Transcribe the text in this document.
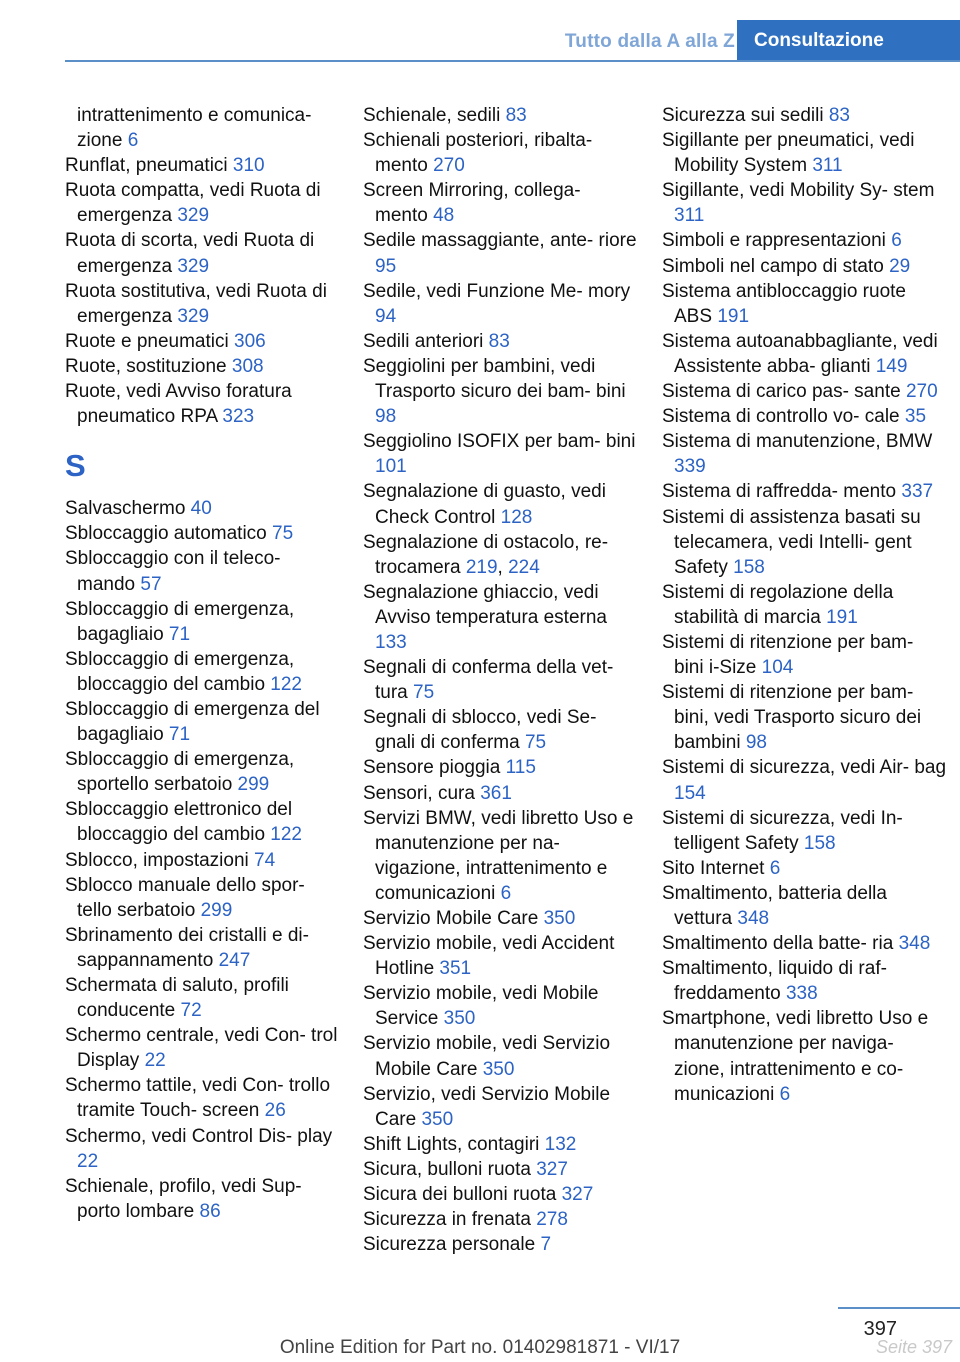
Tutto dalla A alla Z	Consultazione
intrattenimento e comunica- zione 6
Runflat, pneumatici 310
Ruota compatta, vedi Ruota di emergenza 329
Ruota di scorta, vedi Ruota di emergenza 329
Ruota sostitutiva, vedi Ruota di emergenza 329
Ruote e pneumatici 306
Ruote, sostituzione 308
Ruote, vedi Avviso foratura pneumatico RPA 323
S
Salvaschermo 40
Sbloccaggio automatico 75
Sbloccaggio con il teleco- mando 57
Sbloccaggio di emergenza, bagagliaio 71
Sbloccaggio di emergenza, bloccaggio del cambio 122
Sbloccaggio di emergenza del bagagliaio 71
Sbloccaggio di emergenza, sportello serbatoio 299
Sbloccaggio elettronico del bloccaggio del cambio 122
Sblocco, impostazioni 74
Sblocco manuale dello spor- tello serbatoio 299
Sbrinamento dei cristalli e di- sappannamento 247
Schermata di saluto, profili conducente 72
Schermo centrale, vedi Con- trol Display 22
Schermo tattile, vedi Con- trollo tramite Touch- screen 26
Schermo, vedi Control Dis- play 22
Schienale, profilo, vedi Sup- porto lombare 86
Schienale, sedili 83
Schienali posteriori, ribalta- mento 270
Screen Mirroring, collega- mento 48
Sedile massaggiante, ante- riore 95
Sedile, vedi Funzione Me- mory 94
Sedili anteriori 83
Seggiolini per bambini, vedi Trasporto sicuro dei bam- bini 98
Seggiolino ISOFIX per bam- bini 101
Segnalazione di guasto, vedi Check Control 128
Segnalazione di ostacolo, re- trocamera 219, 224
Segnalazione ghiaccio, vedi Avviso temperatura esterna 133
Segnali di conferma della vet- tura 75
Segnali di sblocco, vedi Se- gnali di conferma 75
Sensore pioggia 115
Sensori, cura 361
Servizi BMW, vedi libretto Uso e manutenzione per na- vigazione, intrattenimento e comunicazioni 6
Servizio Mobile Care 350
Servizio mobile, vedi Accident Hotline 351
Servizio mobile, vedi Mobile Service 350
Servizio mobile, vedi Servizio Mobile Care 350
Servizio, vedi Servizio Mobile Care 350
Shift Lights, contagiri 132
Sicura, bulloni ruota 327
Sicura dei bulloni ruota 327
Sicurezza in frenata 278
Sicurezza personale 7
Sicurezza sui sedili 83
Sigillante per pneumatici, vedi Mobility System 311
Sigillante, vedi Mobility Sy- stem 311
Simboli e rappresentazioni 6
Simboli nel campo di stato 29
Sistema antibloccaggio ruote ABS 191
Sistema autoanabbagliante, vedi Assistente abba- glianti 149
Sistema di carico pas- sante 270
Sistema di controllo vo- cale 35
Sistema di manutenzione, BMW 339
Sistema di raffredda- mento 337
Sistemi di assistenza basati su telecamera, vedi Intelli- gent Safety 158
Sistemi di regolazione della stabilità di marcia 191
Sistemi di ritenzione per bam- bini i-Size 104
Sistemi di ritenzione per bam- bini, vedi Trasporto sicuro dei bambini 98
Sistemi di sicurezza, vedi Air- bag 154
Sistemi di sicurezza, vedi In- telligent Safety 158
Sito Internet 6
Smaltimento, batteria della vettura 348
Smaltimento della batte- ria 348
Smaltimento, liquido di raf- freddamento 338
Smartphone, vedi libretto Uso e manutenzione per naviga- zione, intrattenimento e co- municazioni 6
397
Online Edition for Part no. 01402981871 - VI/17	Seite 397
